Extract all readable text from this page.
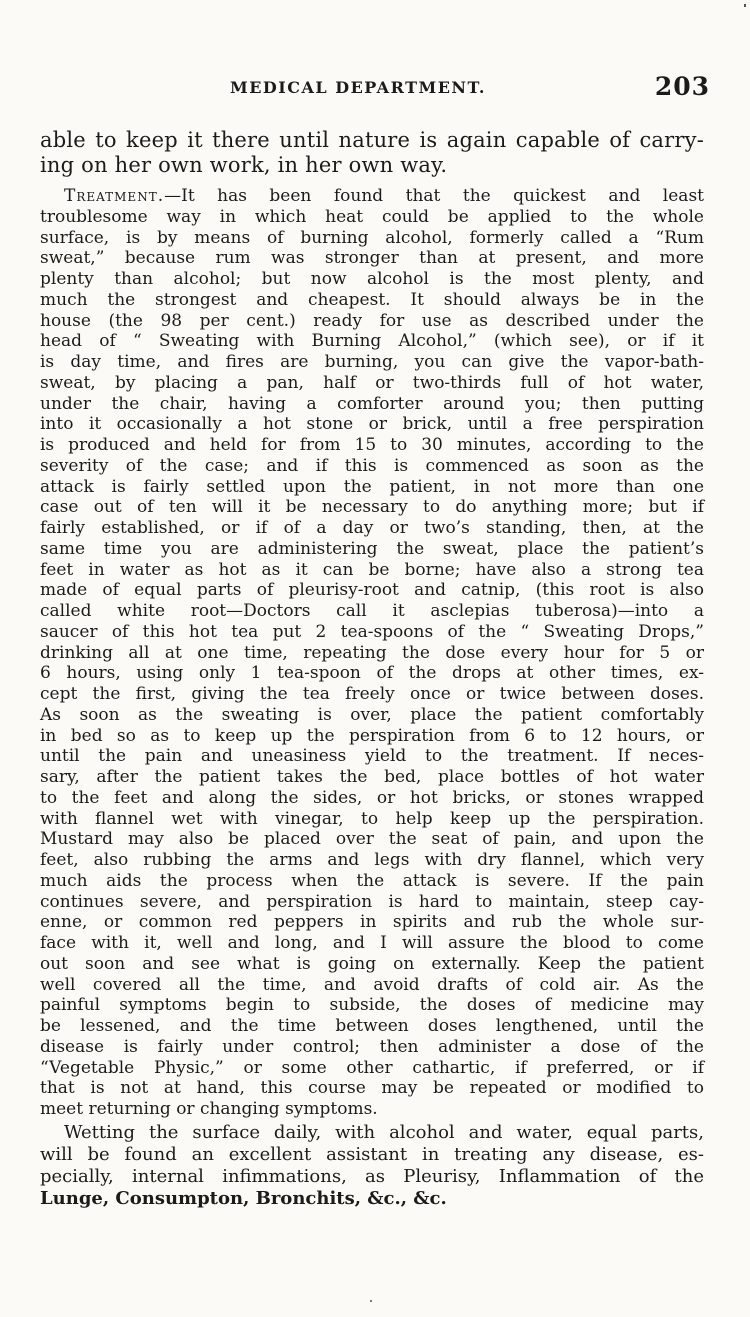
MEDICAL DEPARTMENT.	203

able to keep it there until nature is again capable of carry-
ing on her own work, in her own way.

Treatment.—It has been found that the quickest and least
troublesome way in which heat could be applied to the whole
surface, is by means of burning alcohol, formerly called a “Rum
sweat,” because rum was stronger than at present, and more
plenty than alcohol; but now alcohol is the most plenty, and
much the strongest and cheapest. It should always be in the
house (the 98 per cent.) ready for use as described under the
head of “ Sweating with Burning Alcohol,” (which see), or if it
is day time, and fires are burning, you can give the vapor-bath-
sweat, by placing a pan, half or two-thirds full of hot water,
under the chair, having a comforter around you; then putting
into it occasionally a hot stone or brick, until a free perspiration
is produced and held for from 15 to 30 minutes, according to the
severity of the case; and if this is commenced as soon as the
attack is fairly settled upon the patient, in not more than one
case out of ten will it be necessary to do anything more; but if
fairly established, or if of a day or two’s standing, then, at the
same time you are administering the sweat, place the patient’s
feet in water as hot as it can be borne; have also a strong tea
made of equal parts of pleurisy-root and catnip, (this root is also
called white root—Doctors call it asclepias tuberosa)—into a
saucer of this hot tea put 2 tea-spoons of the “ Sweating Drops,”
drinking all at one time, repeating the dose every hour for 5 or
6 hours, using only 1 tea-spoon of the drops at other times, ex-
cept the first, giving the tea freely once or twice between doses.
As soon as the sweating is over, place the patient comfortably
in bed so as to keep up the perspiration from 6 to 12 hours, or
until the pain and uneasiness yield to the treatment. If neces-
sary, after the patient takes the bed, place bottles of hot water
to the feet and along the sides, or hot bricks, or stones wrapped
with flannel wet with vinegar, to help keep up the perspiration.
Mustard may also be placed over the seat of pain, and upon the
feet, also rubbing the arms and legs with dry flannel, which very
much aids the process when the attack is severe. If the pain
continues severe, and perspiration is hard to maintain, steep cay-
enne, or common red peppers in spirits and rub the whole sur-
face with it, well and long, and I will assure the blood to come
out soon and see what is going on externally. Keep the patient
well covered all the time, and avoid drafts of cold air. As the
painful symptoms begin to subside, the doses of medicine may
be lessened, and the time between doses lengthened, until the
disease is fairly under control; then administer a dose of the
“Vegetable Physic,” or some other cathartic, if preferred, or if
that is not at hand, this course may be repeated or modified to
meet returning or changing symptoms.

Wetting the surface daily, with alcohol and water, equal parts,
will be found an excellent assistant in treating any disease, es-
pecially, internal infimmations, as Pleurisy, Inflammation of the
Lunge, Consumpton, Bronchits, &c., &c.
